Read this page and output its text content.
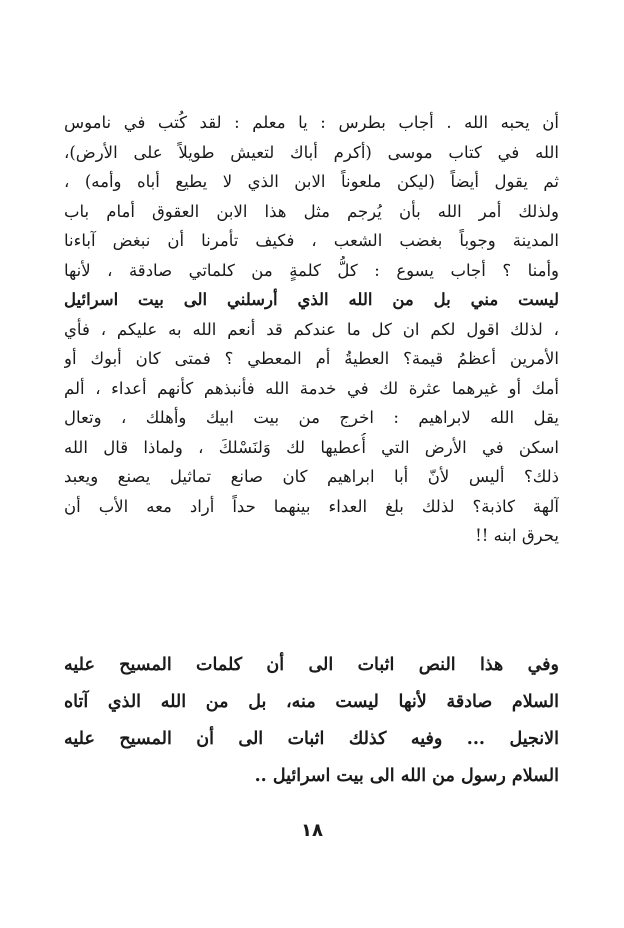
أن يحبه الله . أجاب بطرس : يا معلم : لقد كُتب في ناموس
الله في كتاب موسى (أكرم أباك لتعيش طويلاً على الأرض)،
ثم يقول أيضاً (ليكن ملعوناً الابن الذي لا يطيع أباه وأمه) ،
ولذلك أمر الله بأن يُرجم مثل هذا الابن العقوق أمام باب
المدينة وجوباً بغضب الشعب ، فكيف تأمرنا أن نبغض آباءنا
وأمنا ؟ أجاب يسوع : كلُّ كلمةٍ من كلماتي صادقة ، لأنها
ليست مني بل من الله الذي أرسلني الى بيت اسرائيل
، لذلك اقول لكم ان كل ما عندكم قد أنعم الله به عليكم ، فأي
الأمرين أعظمُ قيمة؟ العطيةُ أم المعطي ؟ فمتى كان أبوك أو
أمك أو غيرهما عثرة لك في خدمة الله فأنبذهم كأنهم أعداء ، ألم
يقل الله لابراهيم : اخرج من بيت ابيك وأهلك ، وتعال
اسكن في الأرض التي أُعطيها لك وَلنَسْلكَ ، ولماذا قال الله
ذلك؟ أليس لأنّ أبا ابراهيم كان صانع تماثيل يصنع ويعبد
آلهة كاذبة؟ لذلك بلغ العداء بينهما حداً أراد معه الأب أن
يحرق ابنه !!
وفي هذا النص اثبات الى أن كلمات المسيح عليه
السلام صادقة لأنها ليست منه، بل من الله الذي آتاه
الانجيل ... وفيه كذلك اثبات الى أن المسيح عليه
السلام رسول من الله الى بيت اسرائيل ..
١٨
